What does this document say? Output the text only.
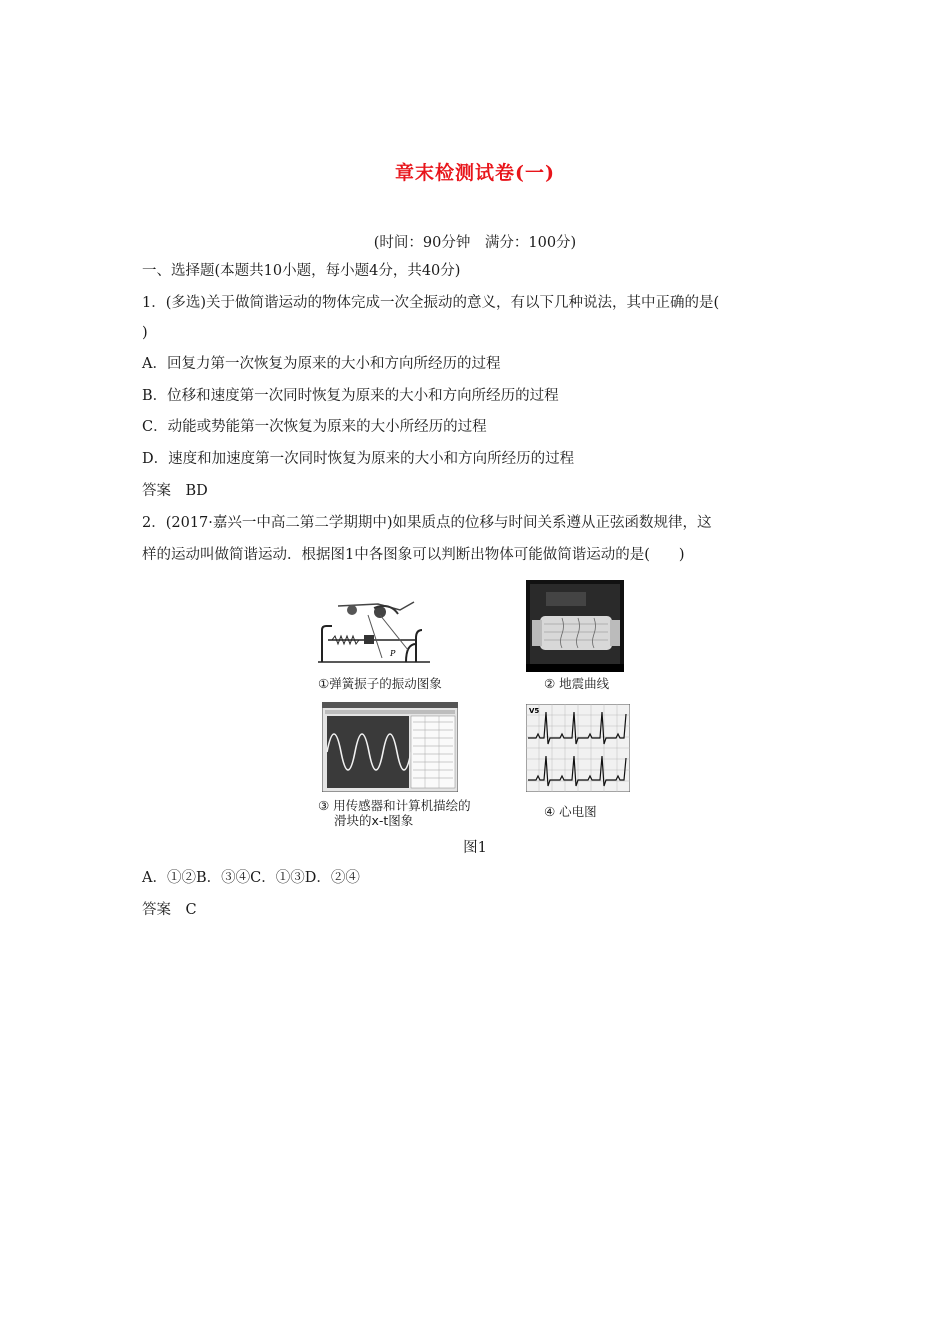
章末检测试卷(一)
(时间：90分钟　满分：100分)
一、选择题(本题共10小题，每小题4分，共40分)
1．(多选)关于做简谐运动的物体完成一次全振动的意义，有以下几种说法，其中正确的是(
)
A．回复力第一次恢复为原来的大小和方向所经历的过程
B．位移和速度第一次同时恢复为原来的大小和方向所经历的过程
C．动能或势能第一次恢复为原来的大小所经历的过程
D．速度和加速度第一次同时恢复为原来的大小和方向所经历的过程
答案　BD
2．(2017·嘉兴一中高二第二学期期中)如果质点的位移与时间关系遵从正弦函数规律，这
样的运动叫做简谐运动．根据图1中各图象可以判断出物体可能做简谐运动的是(　　)
P
①弹簧振子的振动图象	② 地震曲线
③ 用传感器和计算机描绘的
滑块的x-t图象
V5
④ 心电图
图1
A．①②B．③④C．①③D．②④
答案　C
